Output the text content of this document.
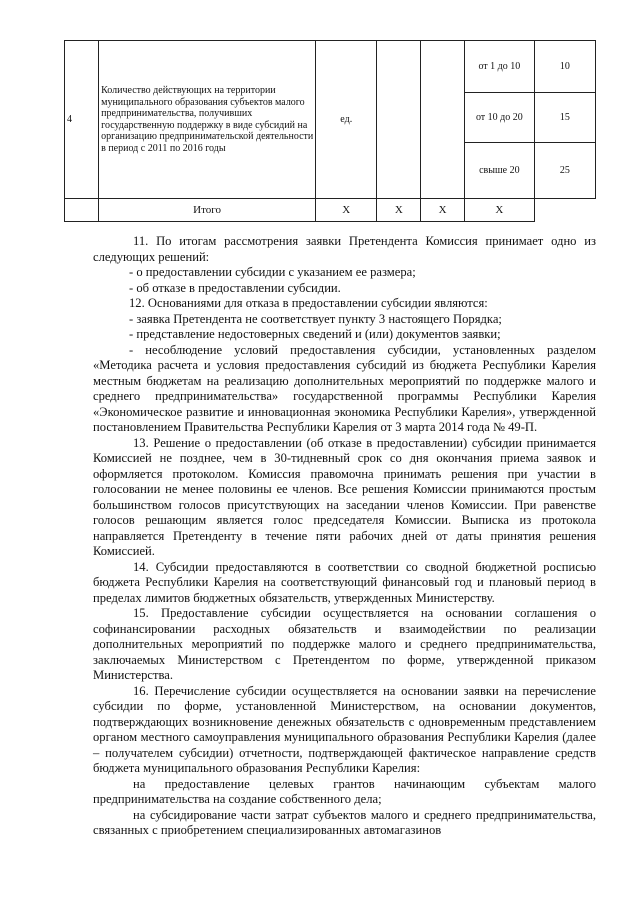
4	Количество действующих на территории муниципального образования субъектов малого предпринимательства, получивших государственную поддержку в виде субсидий на организацию предпринимательской деятельности в период с 2011 по 2016 годы	ед.			от 1 до 10	10
					от 10 до 20	15
					свыше 20	25
	Итого	Х	Х	Х	Х	

11. По итогам рассмотрения заявки Претендента Комиссия принимает одно из следующих решений:

- о предоставлении субсидии с указанием ее размера;

- об отказе в предоставлении субсидии.

12. Основаниями для отказа в предоставлении субсидии являются:

- заявка Претендента не соответствует пункту 3 настоящего Порядка;

- представление недостоверных сведений и (или) документов заявки;

- несоблюдение условий предоставления субсидии, установленных разделом «Методика расчета и условия предоставления субсидий из бюджета Республики Карелия местным бюджетам на реализацию дополнительных мероприятий по поддержке малого и среднего предпринимательства» государственной программы Республики Карелия «Экономическое развитие и инновационная экономика Республики Карелия», утвержденной постановлением Правительства Республики Карелия от 3 марта 2014 года № 49-П.

13. Решение о предоставлении (об отказе в предоставлении) субсидии принимается Комиссией не позднее, чем в 30-тидневный срок со дня окончания приема заявок и оформляется протоколом. Комиссия правомочна принимать решения при участии в голосовании не менее половины ее членов. Все решения Комиссии принимаются простым большинством голосов присутствующих на заседании членов Комиссии. При равенстве голосов решающим является голос председателя Комиссии. Выписка из протокола направляется Претенденту в течение пяти рабочих дней от даты принятия решения Комиссией.

14. Субсидии предоставляются в соответствии со сводной бюджетной росписью бюджета Республики Карелия на соответствующий финансовый год и плановый период в пределах лимитов бюджетных обязательств, утвержденных Министерству.

15. Предоставление субсидии осуществляется на основании соглашения о софинансировании расходных обязательств и взаимодействии по реализации дополнительных мероприятий по поддержке малого и среднего предпринимательства, заключаемых Министерством с Претендентом по форме, утвержденной приказом Министерства.

16. Перечисление субсидии осуществляется на основании заявки на перечисление субсидии по форме, установленной Министерством, на основании документов, подтверждающих возникновение денежных обязательств с одновременным представлением органом местного самоуправления муниципального образования Республики Карелия (далее – получателем субсидии) отчетности, подтверждающей фактическое направление средств бюджета муниципального образования Республики Карелия:

на предоставление целевых грантов начинающим субъектам малого предпринимательства на создание собственного дела;

на субсидирование части затрат субъектов малого и среднего предпринимательства, связанных с приобретением специализированных автомагазинов
